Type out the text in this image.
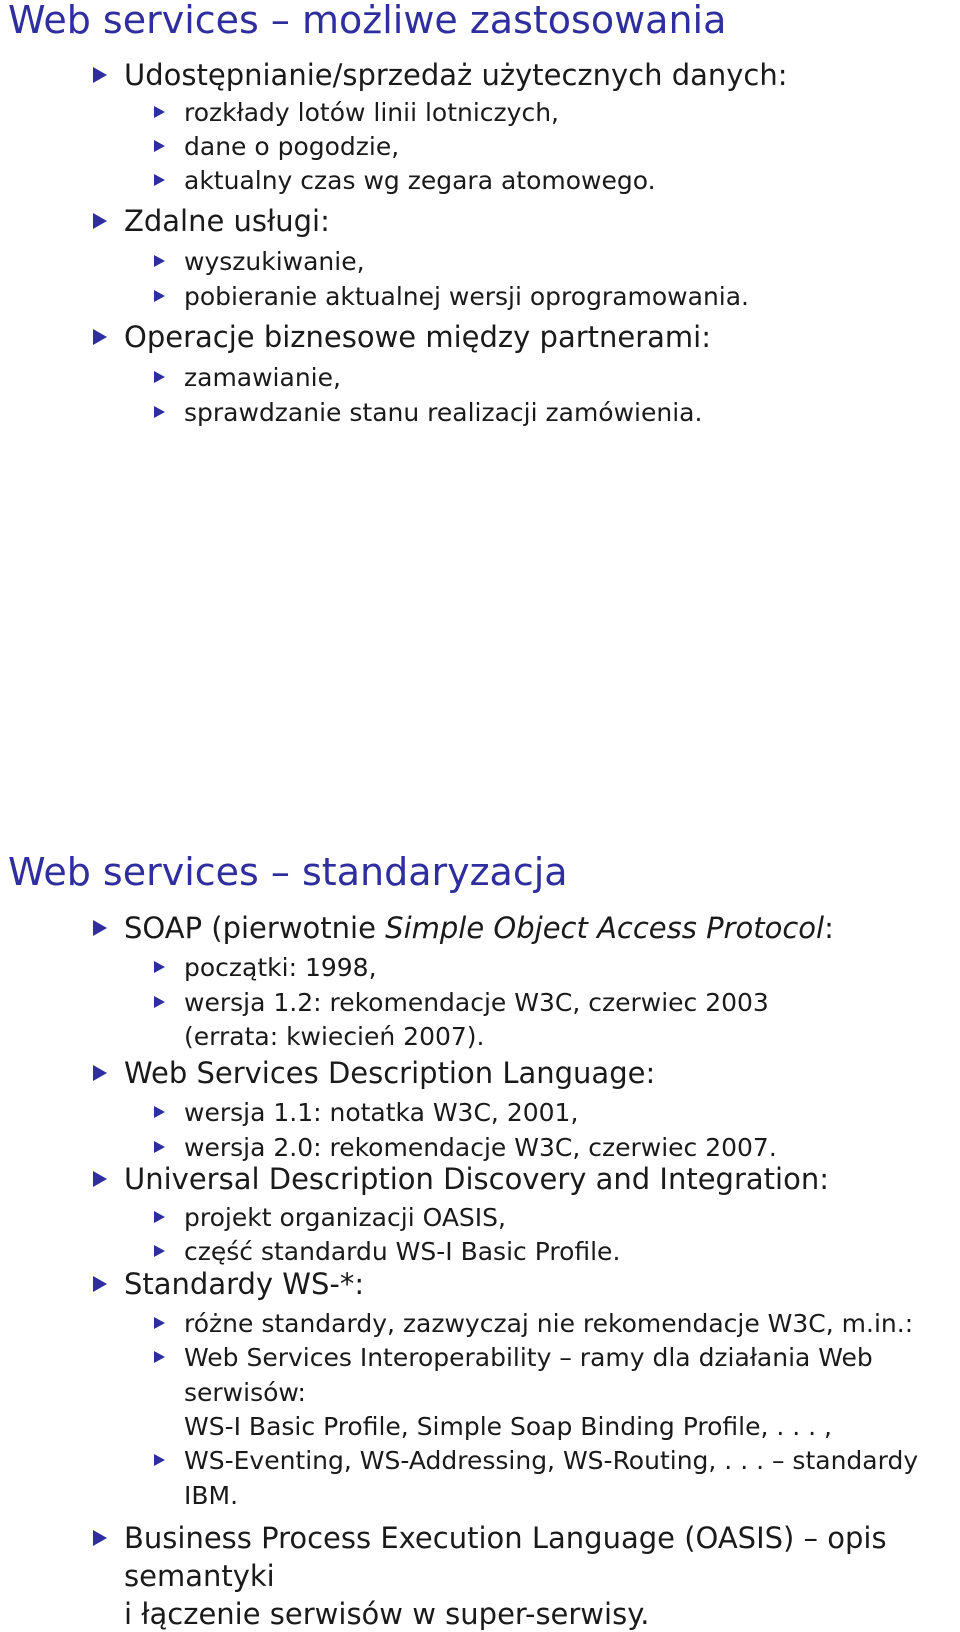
Web services – możliwe zastosowania
Udostępnianie/sprzedaż użytecznych danych:
rozkłady lotów linii lotniczych,
dane o pogodzie,
aktualny czas wg zegara atomowego.
Zdalne usługi:
wyszukiwanie,
pobieranie aktualnej wersji oprogramowania.
Operacje biznesowe między partnerami:
zamawianie,
sprawdzanie stanu realizacji zamówienia.
Web services – standaryzacja
SOAP (pierwotnie Simple Object Access Protocol:
początki: 1998,
wersja 1.2: rekomendacje W3C, czerwiec 2003
(errata: kwiecień 2007).
Web Services Description Language:
wersja 1.1: notatka W3C, 2001,
wersja 2.0: rekomendacje W3C, czerwiec 2007.
Universal Description Discovery and Integration:
projekt organizacji OASIS,
część standardu WS-I Basic Profile.
Standardy WS-*:
różne standardy, zazwyczaj nie rekomendacje W3C, m.in.:
Web Services Interoperability – ramy dla działania Web
serwisów:
WS-I Basic Profile, Simple Soap Binding Profile, . . . ,
WS-Eventing, WS-Addressing, WS-Routing, . . . – standardy
IBM.
Business Process Execution Language (OASIS) – opis
semantyki
i łączenie serwisów w super-serwisy.
